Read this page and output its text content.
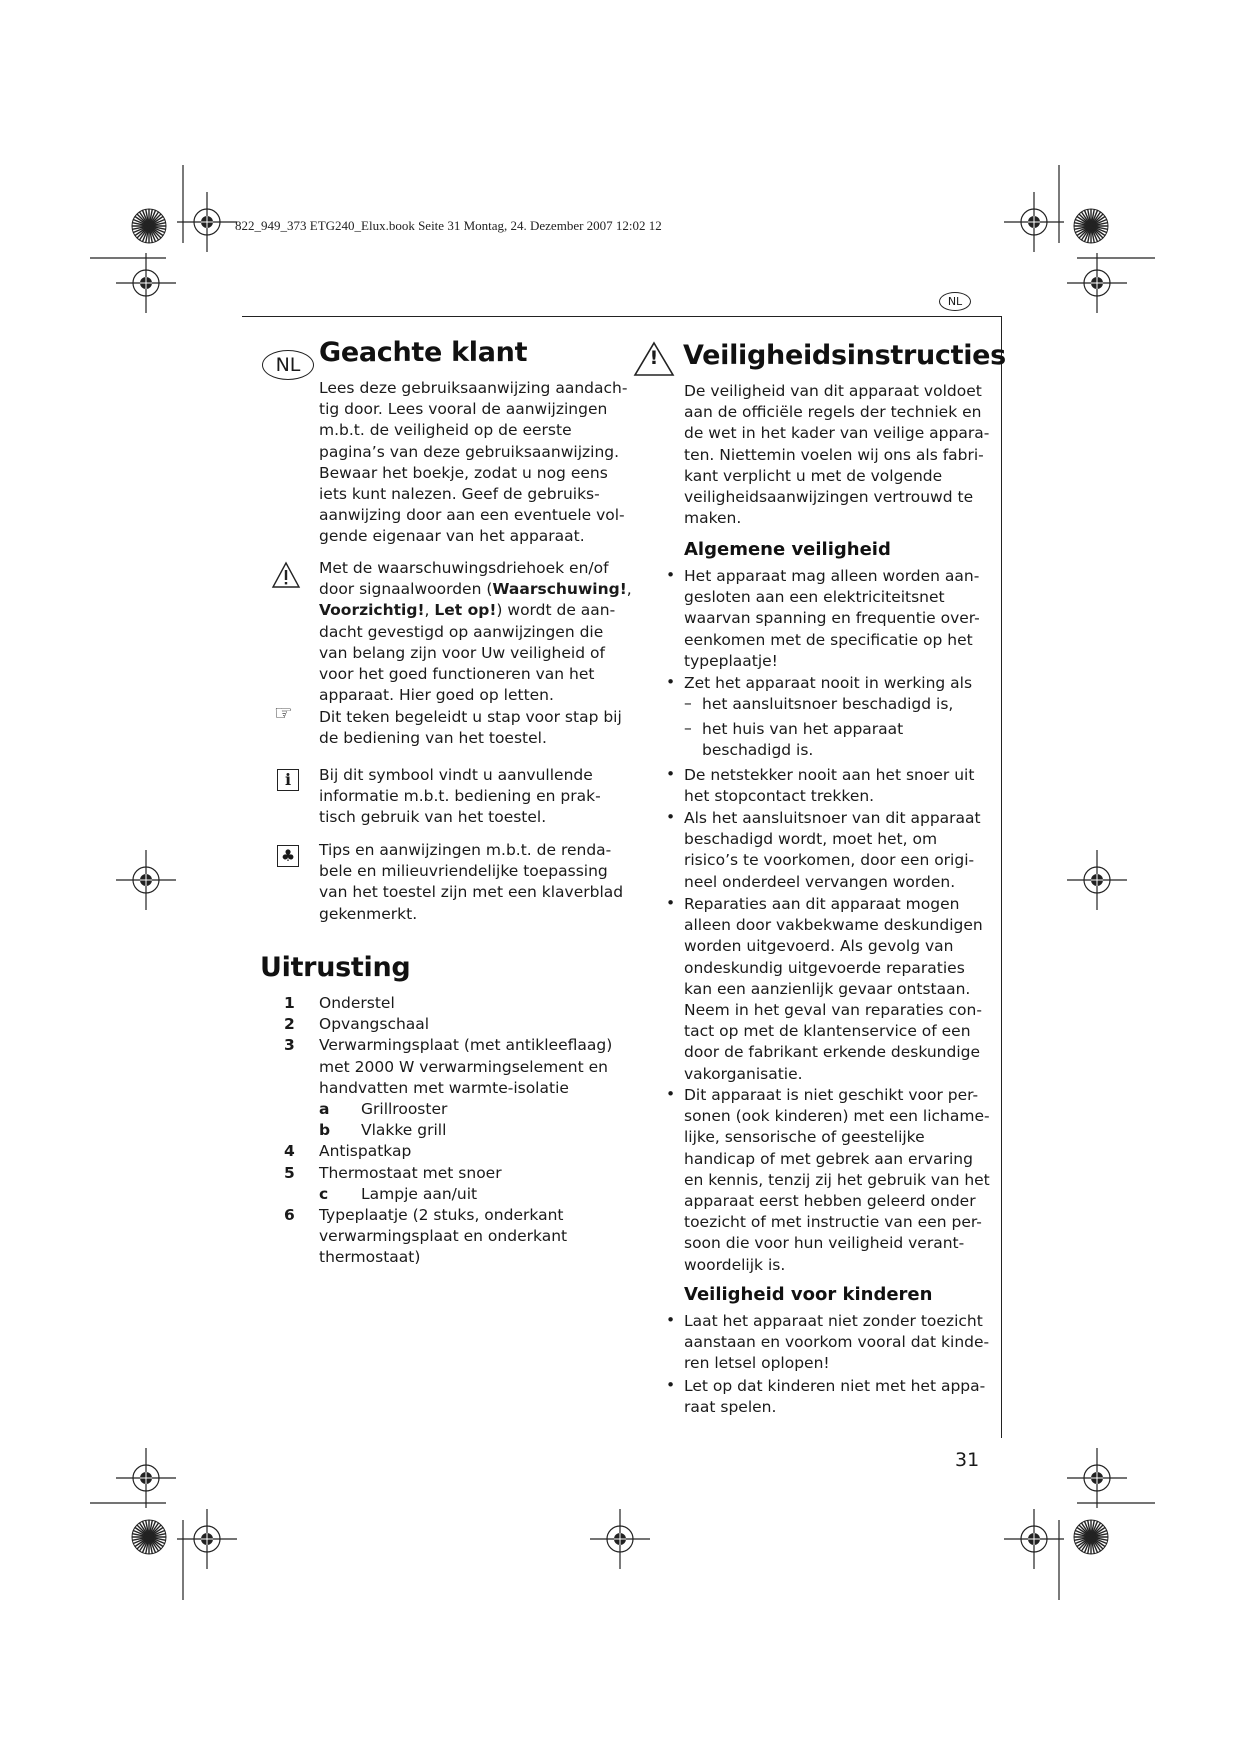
822_949_373 ETG240_Elux.book Seite 31 Montag, 24. Dezember 2007 12:02 12
NL
NL Geachte klant
Lees deze gebruiksaanwijzing aandach-
tig door. Lees vooral de aanwijzingen
m.b.t. de veiligheid op de eerste
pagina’s van deze gebruiksaanwijzing.
Bewaar het boekje, zodat u nog eens
iets kunt nalezen. Geef de gebruiks-
aanwijzing door aan een eventuele vol-
gende eigenaar van het apparaat.
Met de waarschuwingsdriehoek en/of
door signaalwoorden (Waarschuwing!,
Voorzichtig!, Let op!) wordt de aan-
dacht gevestigd op aanwijzingen die
van belang zijn voor Uw veiligheid of
voor het goed functioneren van het
apparaat. Hier goed op letten.
☞ Dit teken begeleidt u stap voor stap bij
de bediening van het toestel.
i	Bij dit symbool vindt u aanvullende
informatie m.b.t. bediening en prak-
tisch gebruik van het toestel.
♣ Tips en aanwijzingen m.b.t. de renda-
bele en milieuvriendelijke toepassing
van het toestel zijn met een klaverblad
gekenmerkt.
Uitrusting
1 Onderstel
2 Opvangschaal
3 Verwarmingsplaat (met antikleeflaag)
met 2000 W verwarmingselement en
handvatten met warmte-isolatie
a Grillrooster
b Vlakke grill
4 Antispatkap
5 Thermostaat met snoer
c Lampje aan/uit
6 Typeplaatje (2 stuks, onderkant
verwarmingsplaat en onderkant
thermostaat)
! Veiligheidsinstructies
De veiligheid van dit apparaat voldoet
aan de officiële regels der techniek en
de wet in het kader van veilige appara-
ten. Niettemin voelen wij ons als fabri-
kant verplicht u met de volgende
veiligheidsaanwijzingen vertrouwd te
maken.
Algemene veiligheid
• Het apparaat mag alleen worden aan-
gesloten aan een elektriciteitsnet
waarvan spanning en frequentie over-
eenkomen met de specificatie op het
typeplaatje!
• Zet het apparaat nooit in werking als
– het aansluitsnoer beschadigd is,
– het huis van het apparaat
beschadigd is.
• De netstekker nooit aan het snoer uit
het stopcontact trekken.
• Als het aansluitsnoer van dit apparaat
beschadigd wordt, moet het, om
risico’s te voorkomen, door een origi-
neel onderdeel vervangen worden.
• Reparaties aan dit apparaat mogen
alleen door vakbekwame deskundigen
worden uitgevoerd. Als gevolg van
ondeskundig uitgevoerde reparaties
kan een aanzienlijk gevaar ontstaan.
Neem in het geval van reparaties con-
tact op met de klantenservice of een
door de fabrikant erkende deskundige
vakorganisatie.
• Dit apparaat is niet geschikt voor per-
sonen (ook kinderen) met een lichame-
lijke, sensorische of geestelijke
handicap of met gebrek aan ervaring
en kennis, tenzij zij het gebruik van het
apparaat eerst hebben geleerd onder
toezicht of met instructie van een per-
soon die voor hun veiligheid verant-
woordelijk is.
Veiligheid voor kinderen
• Laat het apparaat niet zonder toezicht
aanstaan en voorkom vooral dat kinde-
ren letsel oplopen!
• Let op dat kinderen niet met het appa-
raat spelen.
31
